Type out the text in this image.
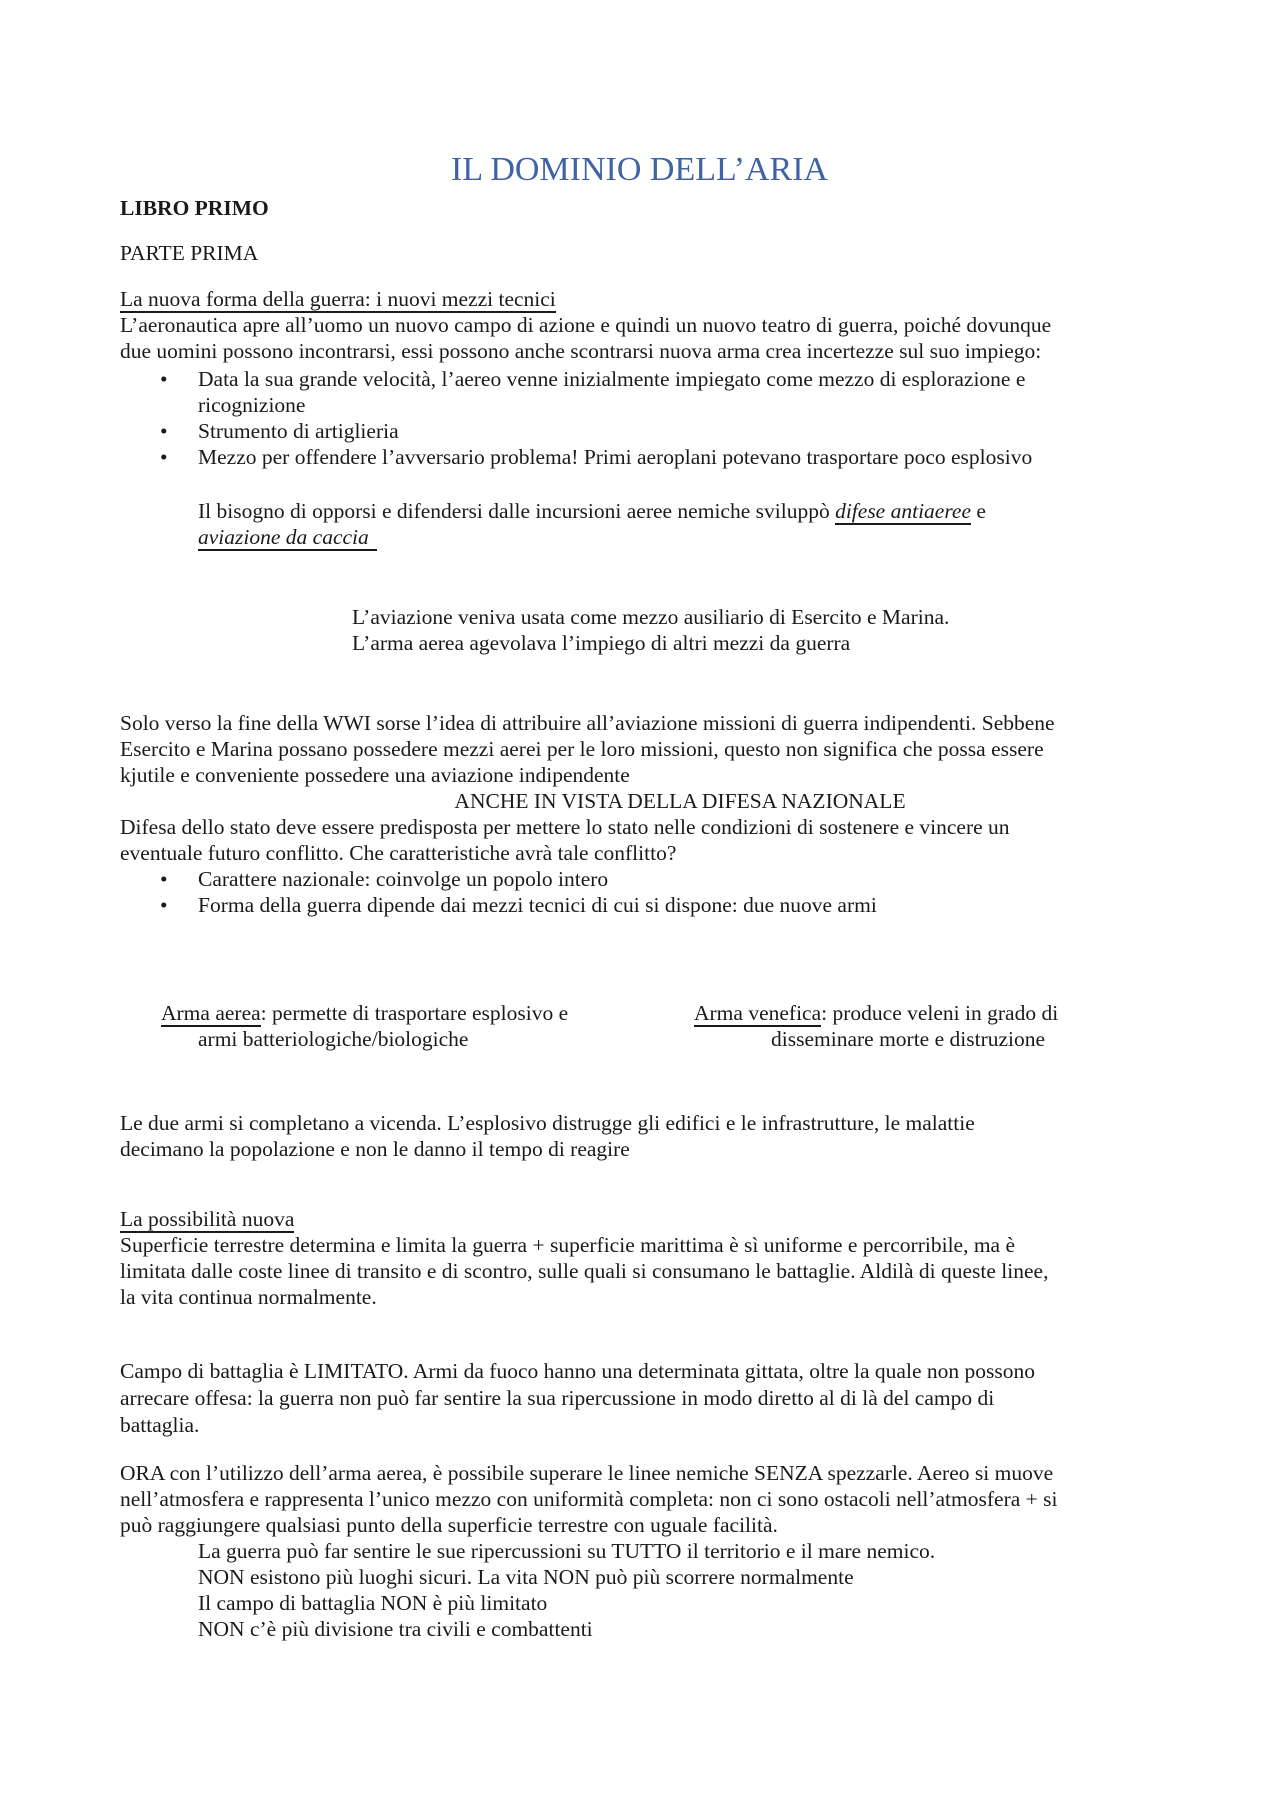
IL DOMINIO DELL’ARIA
LIBRO PRIMO
PARTE PRIMA
La nuova forma della guerra: i nuovi mezzi tecnici
L’aeronautica apre all’uomo un nuovo campo di azione e quindi un nuovo teatro di guerra, poiché dovunque
due uomini possono incontrarsi, essi possono anche scontrarsi nuova arma crea incertezze sul suo impiego:
• Data la sua grande velocità, l’aereo venne inizialmente impiegato come mezzo di esplorazione e
ricognizione
• Strumento di artiglieria
• Mezzo per offendere l’avversario problema! Primi aeroplani potevano trasportare poco esplosivo
Il bisogno di opporsi e difendersi dalle incursioni aeree nemiche sviluppò difese antiaeree e
aviazione da caccia
L’aviazione veniva usata come mezzo ausiliario di Esercito e Marina.
L’arma aerea agevolava l’impiego di altri mezzi da guerra
Solo verso la fine della WWI sorse l’idea di attribuire all’aviazione missioni di guerra indipendenti. Sebbene
Esercito e Marina possano possedere mezzi aerei per le loro missioni, questo non significa che possa essere
kjutile e conveniente possedere una aviazione indipendente
ANCHE IN VISTA DELLA DIFESA NAZIONALE
Difesa dello stato deve essere predisposta per mettere lo stato nelle condizioni di sostenere e vincere un
eventuale futuro conflitto. Che caratteristiche avrà tale conflitto?
• Carattere nazionale: coinvolge un popolo intero
• Forma della guerra dipende dai mezzi tecnici di cui si dispone: due nuove armi
Arma aerea: permette di trasportare esplosivo e
armi batteriologiche/biologiche
Arma venefica: produce veleni in grado di
disseminare morte e distruzione
Le due armi si completano a vicenda. L’esplosivo distrugge gli edifici e le infrastrutture, le malattie
decimano la popolazione e non le danno il tempo di reagire
La possibilità nuova
Superficie terrestre determina e limita la guerra + superficie marittima è sì uniforme e percorribile, ma è
limitata dalle coste linee di transito e di scontro, sulle quali si consumano le battaglie. Aldilà di queste linee,
la vita continua normalmente.
Campo di battaglia è LIMITATO. Armi da fuoco hanno una determinata gittata, oltre la quale non possono
arrecare offesa: la guerra non può far sentire la sua ripercussione in modo diretto al di là del campo di
battaglia.
ORA con l’utilizzo dell’arma aerea, è possibile superare le linee nemiche SENZA spezzarle. Aereo si muove
nell’atmosfera e rappresenta l’unico mezzo con uniformità completa: non ci sono ostacoli nell’atmosfera + si
può raggiungere qualsiasi punto della superficie terrestre con uguale facilità.
La guerra può far sentire le sue ripercussioni su TUTTO il territorio e il mare nemico.
NON esistono più luoghi sicuri. La vita NON può più scorrere normalmente
Il campo di battaglia NON è più limitato
NON c’è più divisione tra civili e combattenti
